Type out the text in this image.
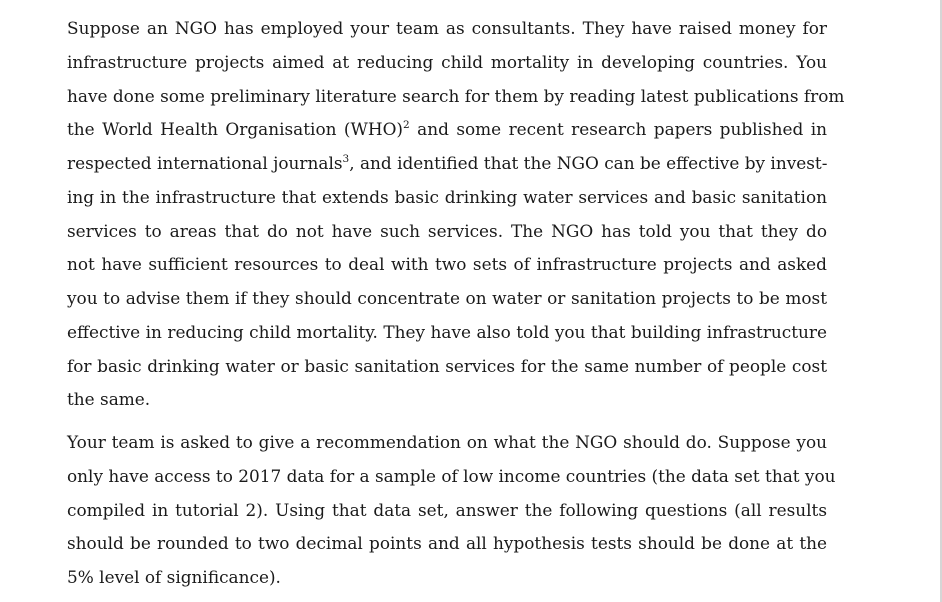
Suppose an NGO has employed your team as consultants. They have raised money for
infrastructure projects aimed at reducing child mortality in developing countries. You
have done some preliminary literature search for them by reading latest publications from
the World Health Organisation (WHO)$^2$ and some recent research papers published in
respected international journals$^3$, and identified that the NGO can be effective by invest-
ing in the infrastructure that extends basic drinking water services and basic sanitation
services to areas that do not have such services. The NGO has told you that they do
not have sufficient resources to deal with two sets of infrastructure projects and asked
you to advise them if they should concentrate on water or sanitation projects to be most
effective in reducing child mortality. They have also told you that building infrastructure
for basic drinking water or basic sanitation services for the same number of people cost
the same.
Your team is asked to give a recommendation on what the NGO should do. Suppose you
only have access to 2017 data for a sample of low income countries (the data set that you
compiled in tutorial 2). Using that data set, answer the following questions (all results
should be rounded to two decimal points and all hypothesis tests should be done at the
5% level of significance).
